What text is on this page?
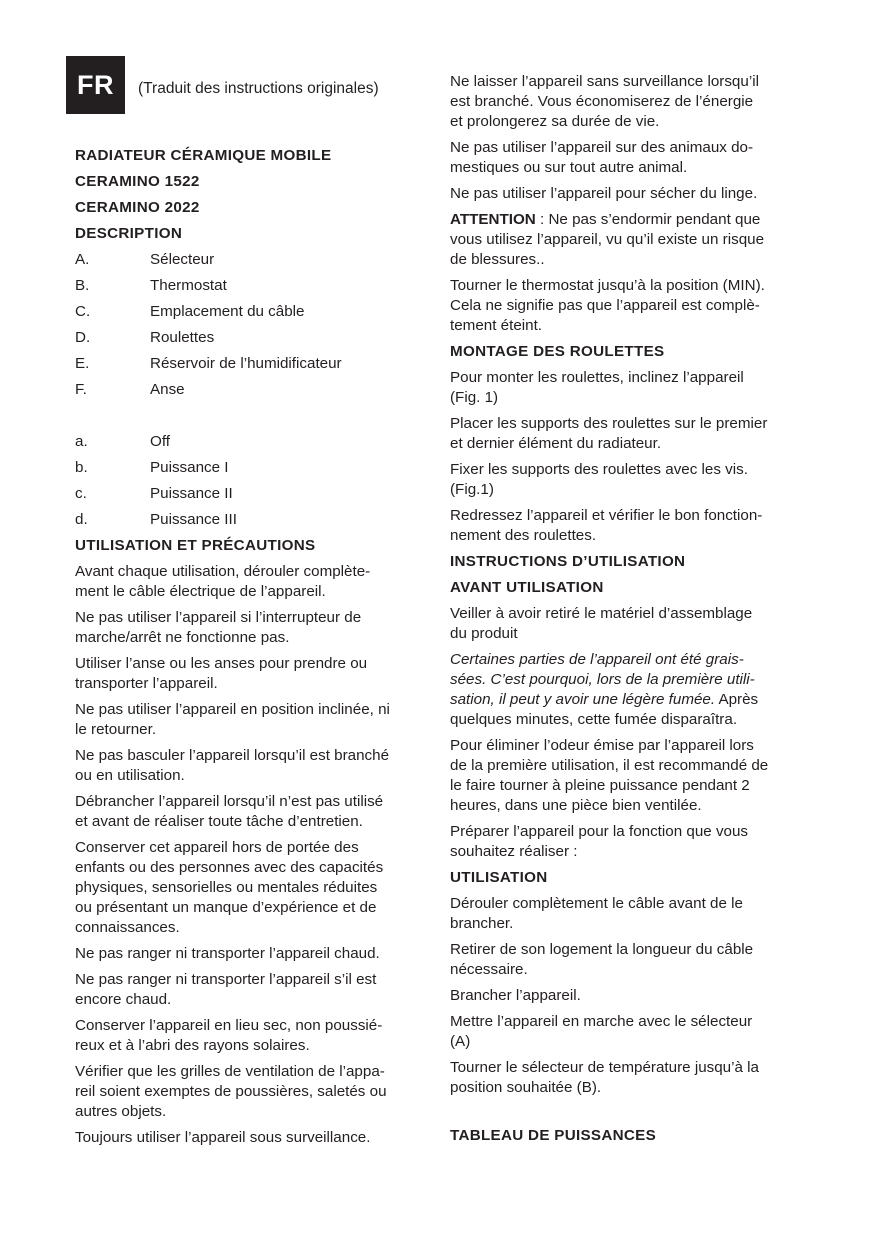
FR	(Traduit des instructions originales)
RADIATEUR CÉRAMIQUE MOBILE
CERAMINO 1522
CERAMINO 2022
DESCRIPTION
A.	Sélecteur
B.	Thermostat
C.	Emplacement du câble
D.	Roulettes
E.	Réservoir de l’humidificateur
F.	Anse
a.	Off
b.	Puissance I
c.	Puissance II
d.	Puissance III
UTILISATION ET PRÉCAUTIONS
Avant chaque utilisation, dérouler complète-
ment le câble électrique de l’appareil.
Ne pas utiliser l’appareil si l’interrupteur de
marche/arrêt ne fonctionne pas.
Utiliser l’anse ou les anses pour prendre ou
transporter l’appareil.
Ne pas utiliser l’appareil en position inclinée, ni
le retourner.
Ne pas basculer l’appareil lorsqu’il est branché
ou en utilisation.
Débrancher l’appareil lorsqu’il n’est pas utilisé
et avant de réaliser toute tâche d’entretien.
Conserver cet appareil hors de portée des
enfants ou des personnes avec des capacités
physiques, sensorielles ou mentales réduites
ou présentant un manque d’expérience et de
connaissances.
Ne pas ranger ni transporter l’appareil chaud.
Ne pas ranger ni transporter l’appareil s’il est
encore chaud.
Conserver l’appareil en lieu sec, non poussié-
reux et à l’abri des rayons solaires.
Vérifier que les grilles de ventilation de l’appa-
reil soient exemptes de poussières, saletés ou
autres objets.
Toujours utiliser l’appareil sous surveillance.
Ne laisser l’appareil sans surveillance lorsqu’il
est branché. Vous économiserez de l’énergie
et prolongerez sa durée de vie.
Ne pas utiliser l’appareil sur des animaux do-
mestiques ou sur tout autre animal.
Ne pas utiliser l’appareil pour sécher du linge.
ATTENTION : Ne pas s’endormir pendant que
vous utilisez l’appareil, vu qu’il existe un risque
de blessures..
Tourner le thermostat jusqu’à la position (MIN).
Cela ne signifie pas que l’appareil est complè-
tement éteint.
MONTAGE DES ROULETTES
Pour monter les roulettes, inclinez l’appareil
(Fig. 1)
Placer les supports des roulettes sur le premier
et dernier élément du radiateur.
Fixer les supports des roulettes avec les vis.
(Fig.1)
Redressez l’appareil et vérifier le bon fonction-
nement des roulettes.
INSTRUCTIONS D’UTILISATION
AVANT UTILISATION
Veiller à avoir retiré le matériel d’assemblage
du produit
Certaines parties de l’appareil ont été grais-
sées. C’est pourquoi, lors de la première utili-
sation, il peut y avoir une légère fumée. Après
quelques minutes, cette fumée disparaîtra.
Pour éliminer l’odeur émise par l’appareil lors
de la première utilisation, il est recommandé de
le faire tourner à pleine puissance pendant 2
heures, dans une pièce bien ventilée.
Préparer l’appareil pour la fonction que vous
souhaitez réaliser :
UTILISATION
Dérouler complètement le câble avant de le
brancher.
Retirer de son logement la longueur du câble
nécessaire.
Brancher l’appareil.
Mettre l’appareil en marche avec le sélecteur
(A)
Tourner le sélecteur de température jusqu’à la
position souhaitée (B).
TABLEAU DE PUISSANCES
